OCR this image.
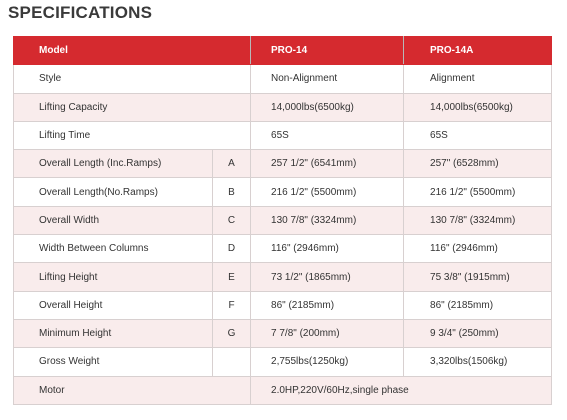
SPECIFICATIONS
Model		PRO-14	PRO-14A
Style		Non-Alignment	Alignment
Lifting Capacity		14,000lbs(6500kg)	14,000lbs(6500kg)
Lifting Time		65S	65S
Overall Length (Inc.Ramps)	A	257 1/2" (6541mm)	257" (6528mm)
Overall Length(No.Ramps)	B	216 1/2" (5500mm)	216 1/2" (5500mm)
Overall Width	C	130 7/8" (3324mm)	130 7/8" (3324mm)
Width Between Columns	D	116" (2946mm)	116" (2946mm)
Lifting Height	E	73 1/2" (1865mm)	75 3/8" (1915mm)
Overall Height	F	86" (2185mm)	86" (2185mm)
Minimum Height	G	7 7/8" (200mm)	9 3/4" (250mm)
Gross Weight		2,755lbs(1250kg)	3,320lbs(1506kg)
Motor		2.0HP,220V/60Hz,single phase	
